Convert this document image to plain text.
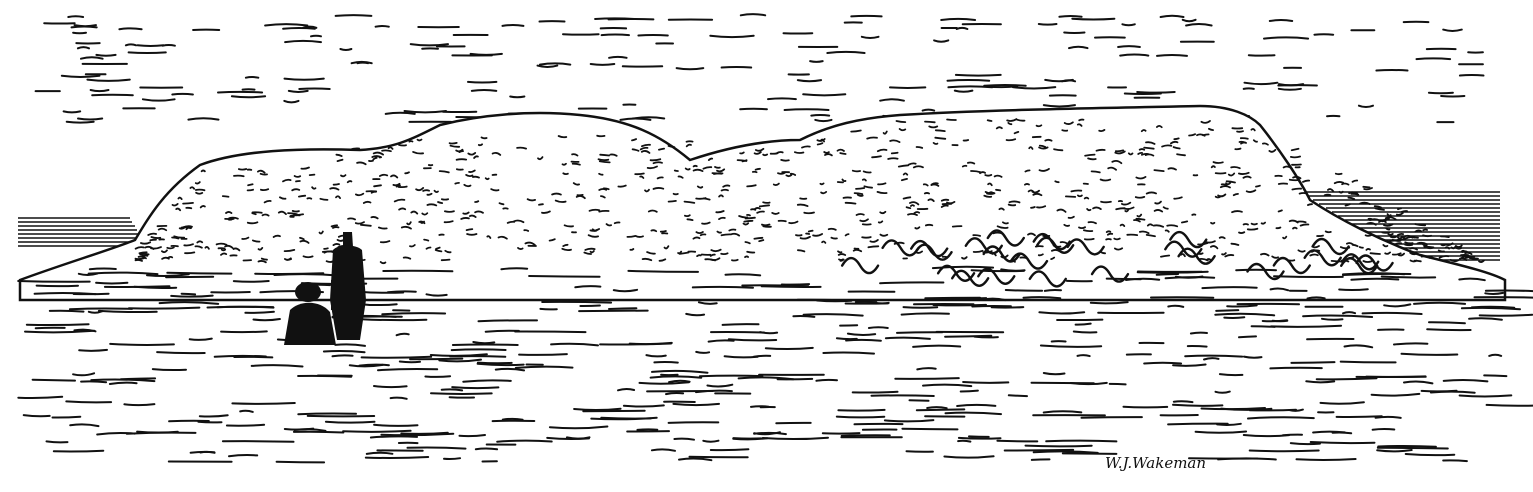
W.J.Wakeman
